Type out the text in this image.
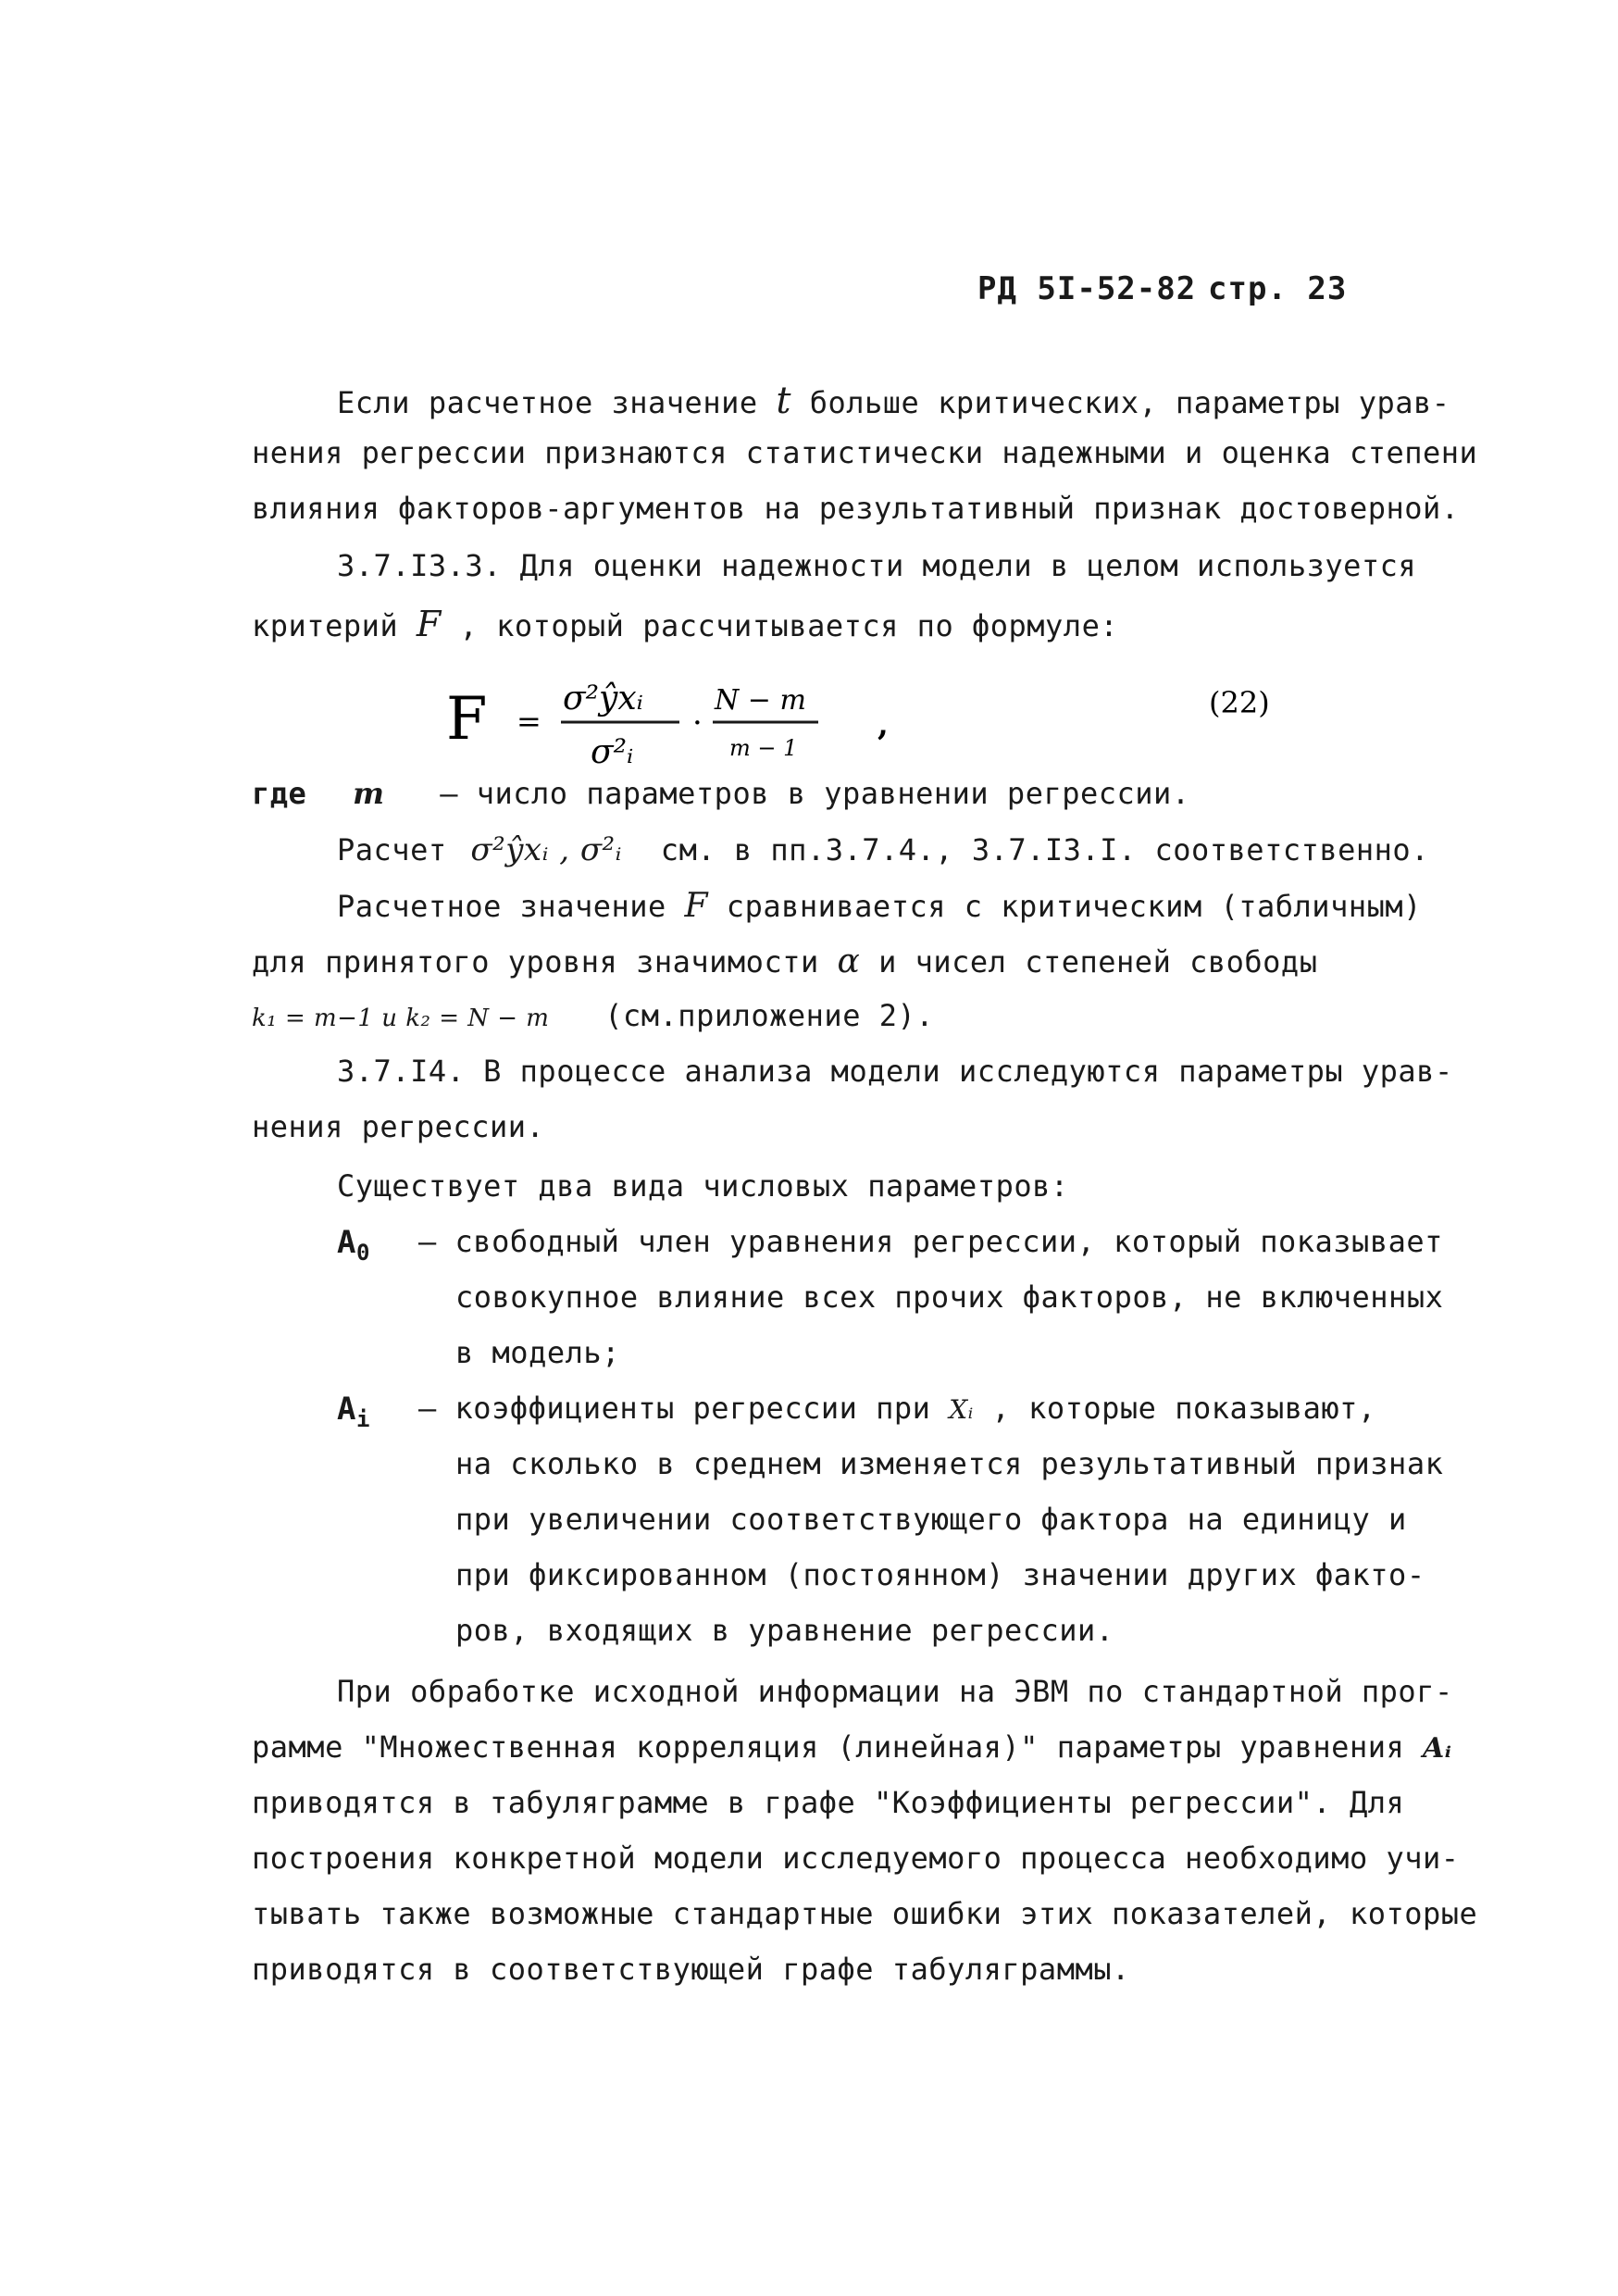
РД 5I-52-82 стр. 23
Если расчетное значение t больше критических, параметры урав-
нения регрессии признаются статистически надежными и оценка степени
влияния факторов-аргументов на результативный признак достоверной.
3.7.I3.3. Для оценки надежности модели в целом используется
критерий F , который рассчитывается по формуле:
F =
σ²ŷxᵢ
σ²ᵢ
·
N − m
m − 1
,
(22)
где m – число параметров в уравнении регрессии.
Расчет σ²ŷxᵢ , σ²ᵢ см. в пп.3.7.4., 3.7.I3.I. соответственно.
Расчетное значение F сравнивается с критическим (табличным)
для принятого уровня значимости α и чисел степеней свободы
k₁ = m−1 и k₂ = N − m (см.приложение 2).
3.7.I4. В процессе анализа модели исследуются параметры урав-
нения регрессии.
Существует два вида числовых параметров:
$A_0$ – свободный член уравнения регрессии, который показывает
совокупное влияние всех прочих факторов, не включенных
в модель;
$A_i$ – коэффициенты регрессии при Xᵢ , которые показывают,
на сколько в среднем изменяется результативный признак
при увеличении соответствующего фактора на единицу и
при фиксированном (постоянном) значении других факто-
ров, входящих в уравнение регрессии.
При обработке исходной информации на ЭВМ по стандартной прог-
рамме "Множественная корреляция (линейная)" параметры уравнения Aᵢ
приводятся в табуляграмме в графе "Коэффициенты регрессии". Для
построения конкретной модели исследуемого процесса необходимо учи-
тывать также возможные стандартные ошибки этих показателей, которые
приводятся в соответствующей графе табуляграммы.
